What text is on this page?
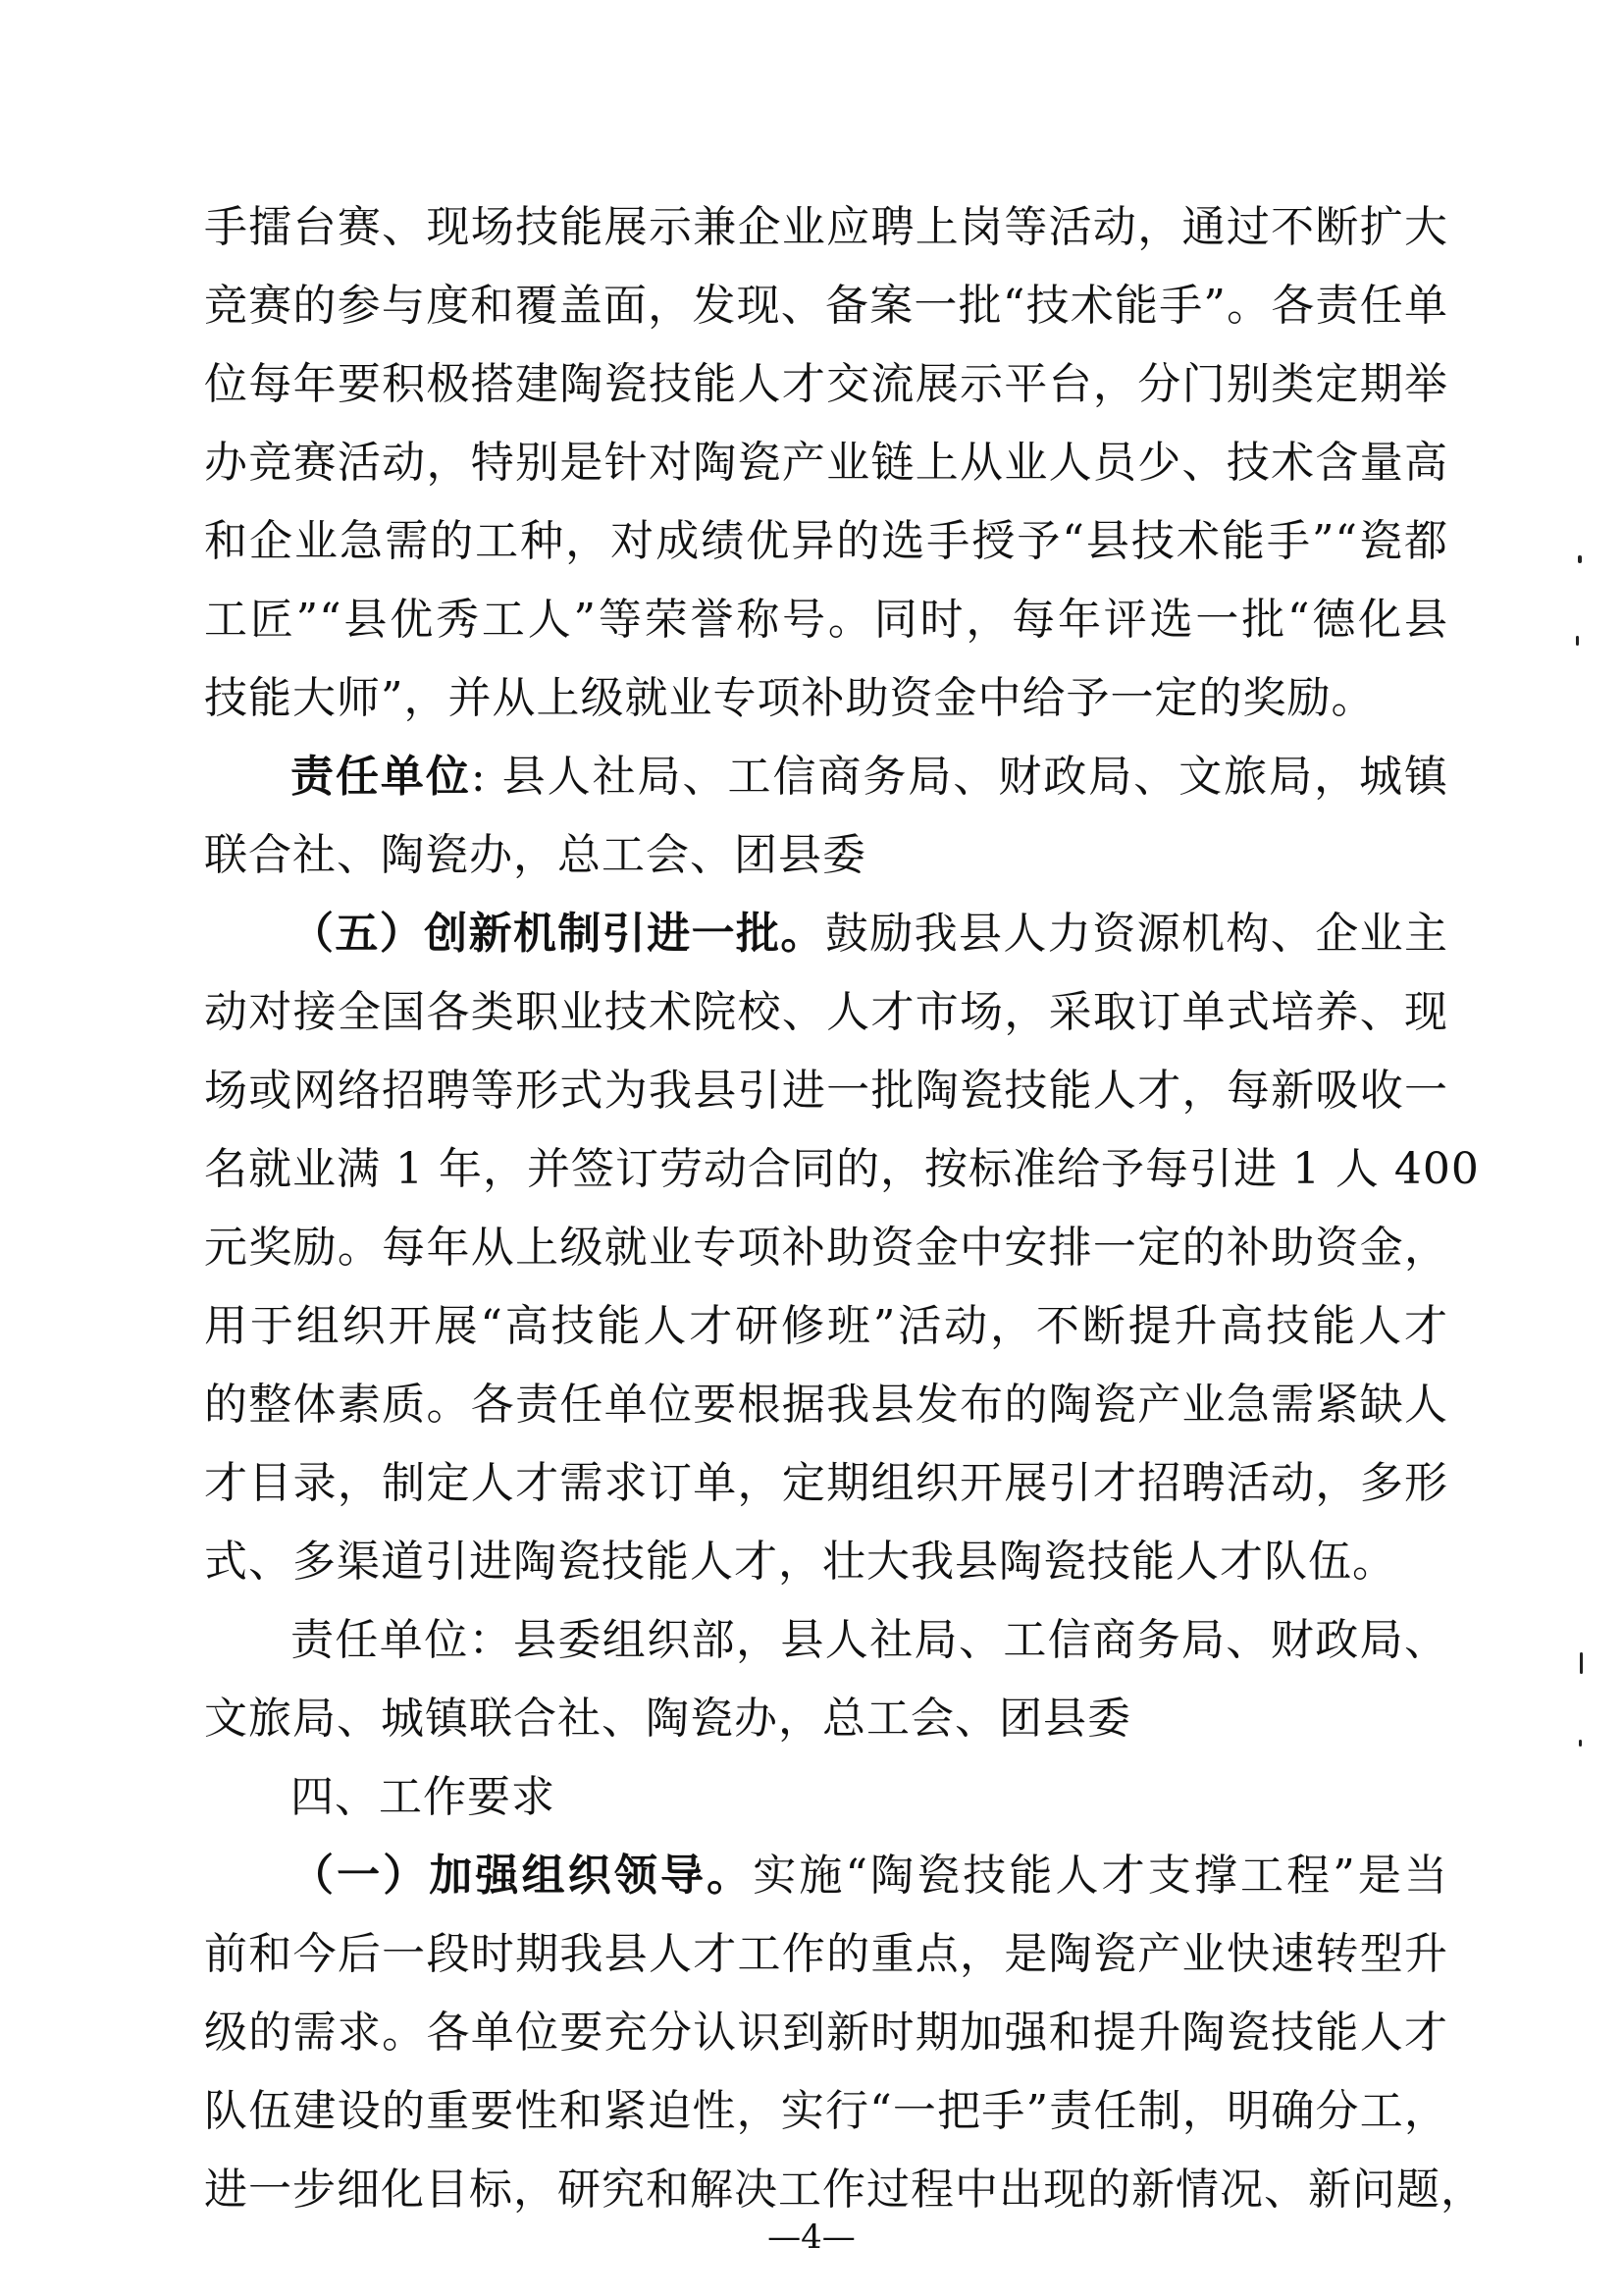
手擂台赛、现场技能展示兼企业应聘上岗等活动，通过不断扩大
竞赛的参与度和覆盖面，发现、备案一批“技术能手”。各责任单
位每年要积极搭建陶瓷技能人才交流展示平台，分门别类定期举
办竞赛活动，特别是针对陶瓷产业链上从业人员少、技术含量高
和企业急需的工种，对成绩优异的选手授予“县技术能手”“瓷都
工匠”“县优秀工人”等荣誉称号。同时，每年评选一批“德化县
技能大师”，并从上级就业专项补助资金中给予一定的奖励。
责任单位: 县人社局、工信商务局、财政局、文旅局，城镇
联合社、陶瓷办，总工会、团县委
（五）创新机制引进一批。鼓励我县人力资源机构、企业主
动对接全国各类职业技术院校、人才市场，采取订单式培养、现
场或网络招聘等形式为我县引进一批陶瓷技能人才，每新吸收一
名就业满 1 年，并签订劳动合同的，按标准给予每引进 1 人 400
元奖励。每年从上级就业专项补助资金中安排一定的补助资金，
用于组织开展“高技能人才研修班”活动，不断提升高技能人才
的整体素质。各责任单位要根据我县发布的陶瓷产业急需紧缺人
才目录，制定人才需求订单，定期组织开展引才招聘活动，多形
式、多渠道引进陶瓷技能人才，壮大我县陶瓷技能人才队伍。
责任单位：县委组织部，县人社局、工信商务局、财政局、
文旅局、城镇联合社、陶瓷办，总工会、团县委
四、工作要求
（一）加强组织领导。实施“陶瓷技能人才支撑工程”是当
前和今后一段时期我县人才工作的重点，是陶瓷产业快速转型升
级的需求。各单位要充分认识到新时期加强和提升陶瓷技能人才
队伍建设的重要性和紧迫性，实行“一把手”责任制，明确分工，
进一步细化目标，研究和解决工作过程中出现的新情况、新问题，
—4—
